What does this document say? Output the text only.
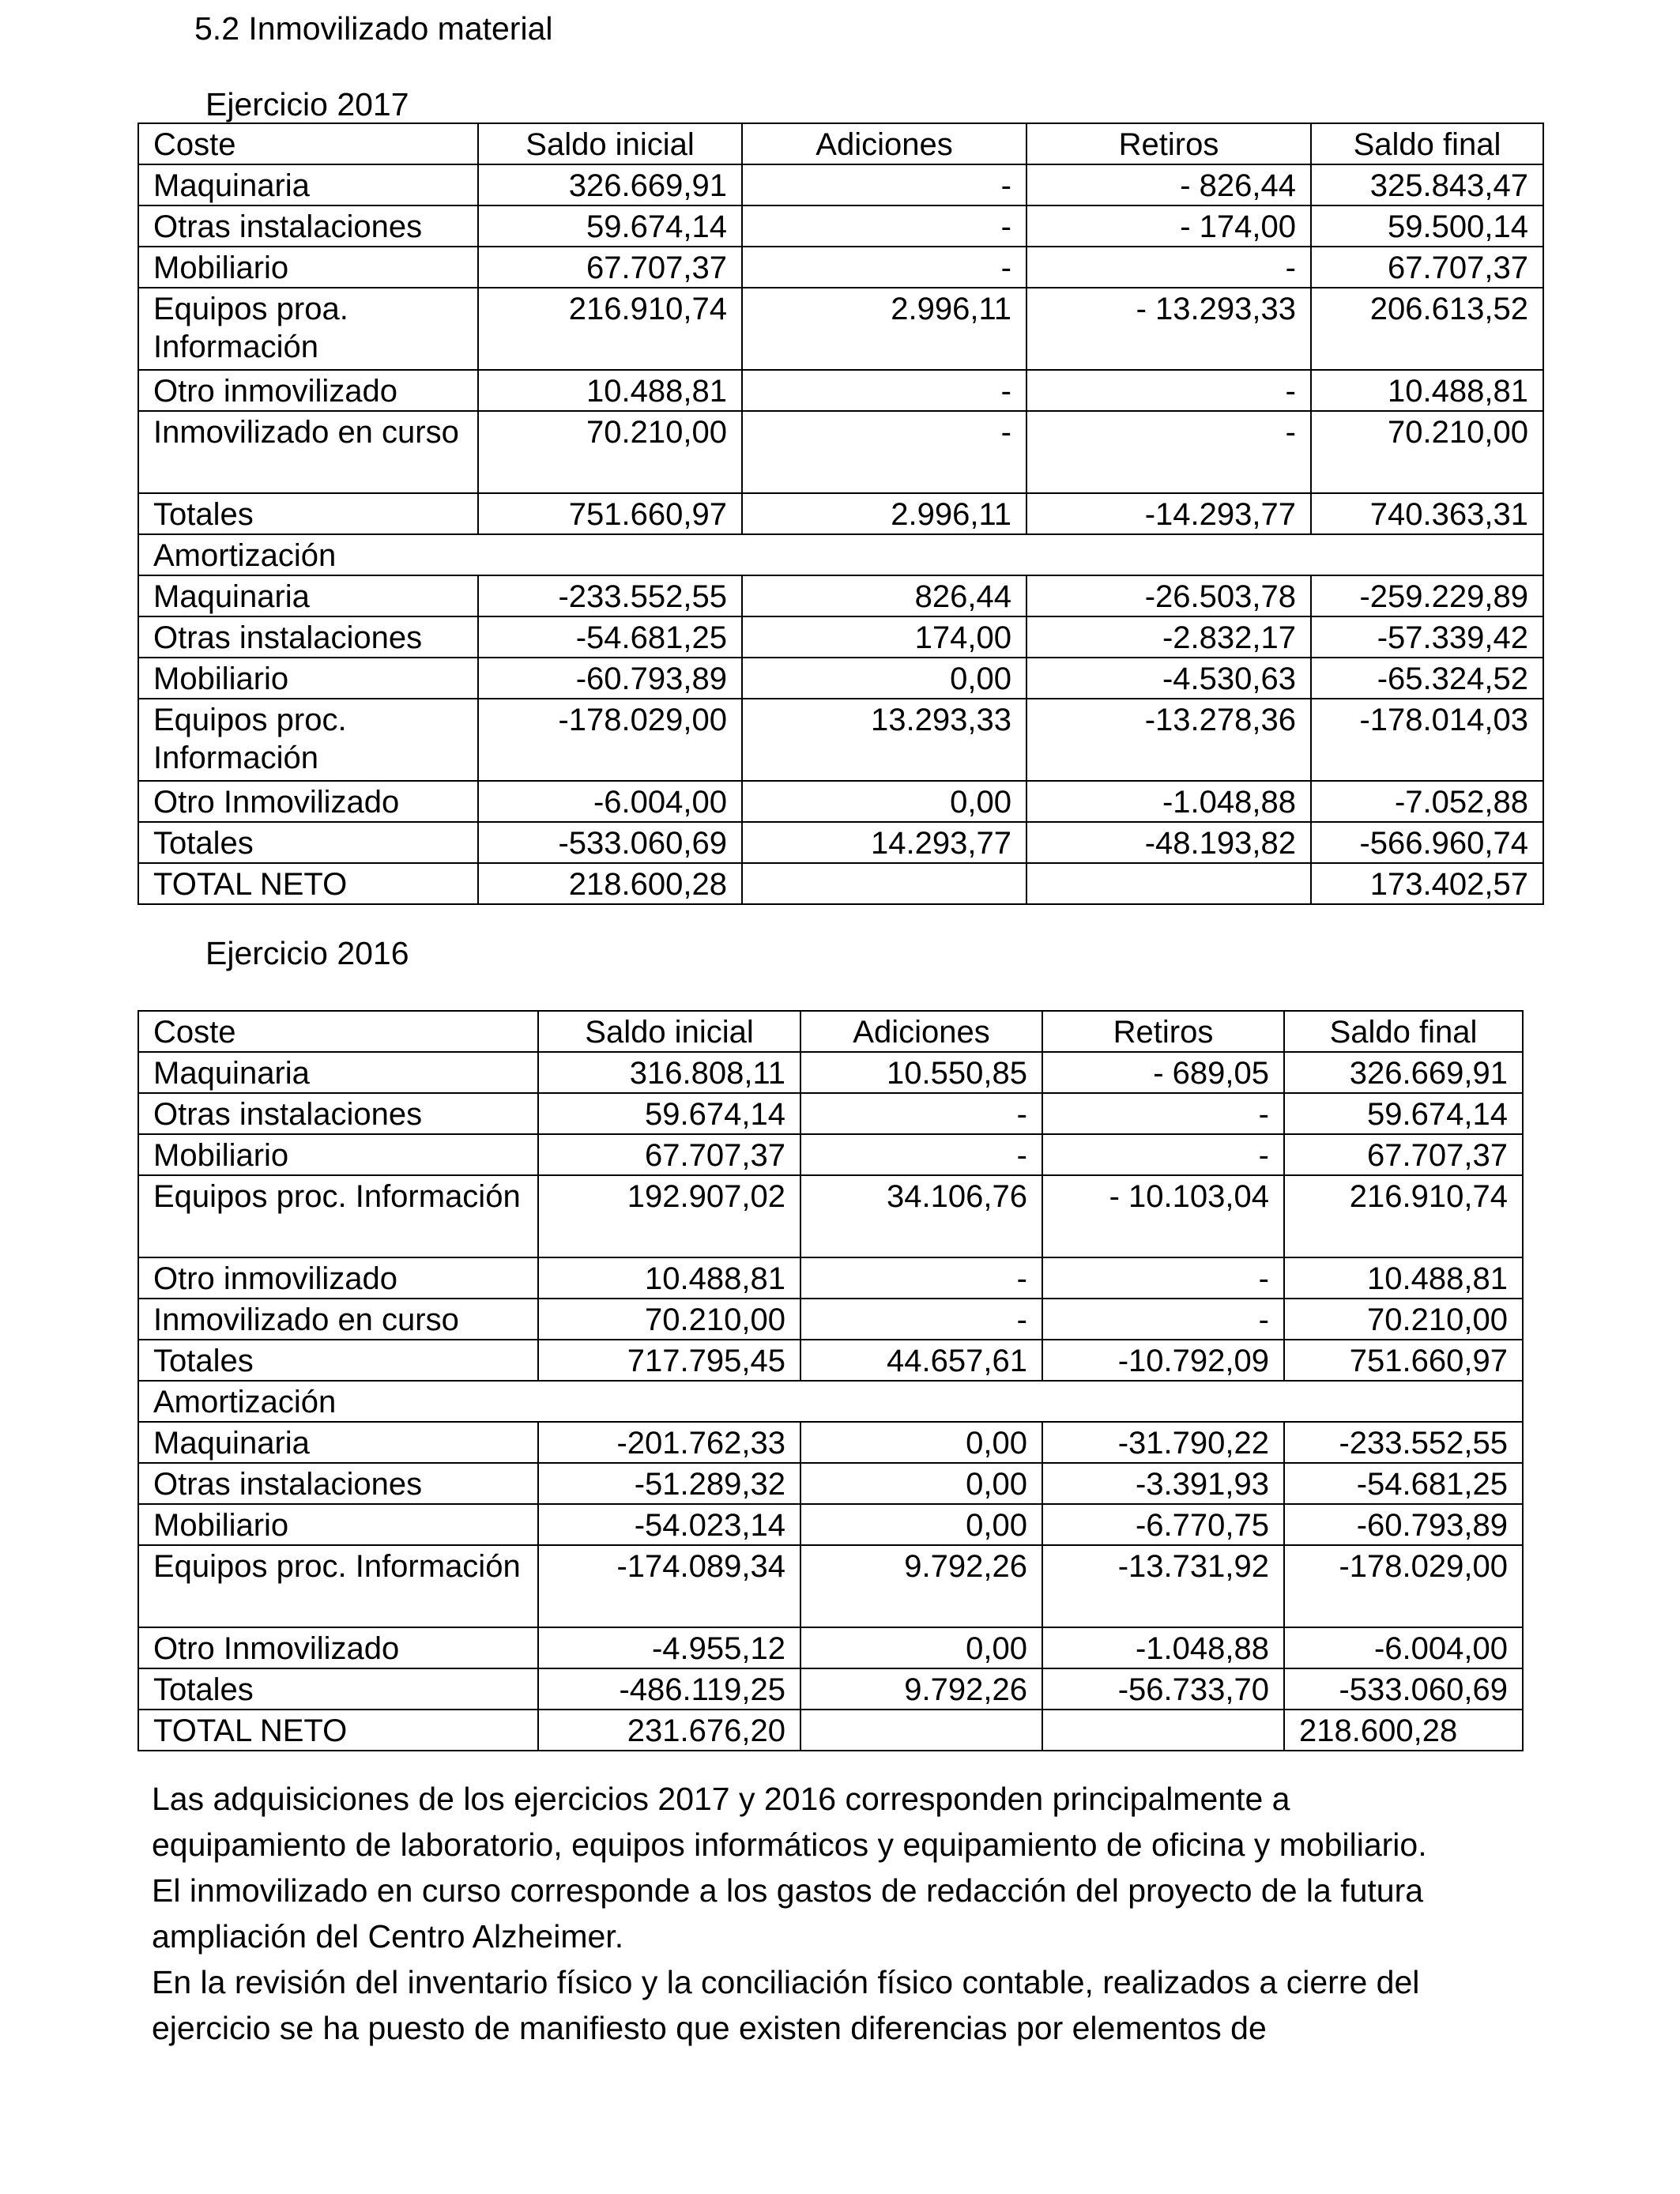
5.2 Inmovilizado material
Ejercicio 2017
Coste	Saldo inicial	Adiciones	Retiros	Saldo final
Maquinaria	326.669,91	-	- 826,44	325.843,47
Otras instalaciones	59.674,14	-	- 174,00	59.500,14
Mobiliario	67.707,37	-	-	67.707,37
Equipos proa. Información	216.910,74	2.996,11	- 13.293,33	206.613,52
Otro inmovilizado	10.488,81	-	-	10.488,81
Inmovilizado en curso	70.210,00	-	-	70.210,00
Totales	751.660,97	2.996,11	-14.293,77	740.363,31
Amortización				
Maquinaria	-233.552,55	826,44	-26.503,78	-259.229,89
Otras instalaciones	-54.681,25	174,00	-2.832,17	-57.339,42
Mobiliario	-60.793,89	0,00	-4.530,63	-65.324,52
Equipos proc. Información	-178.029,00	13.293,33	-13.278,36	-178.014,03
Otro Inmovilizado	-6.004,00	0,00	-1.048,88	-7.052,88
Totales	-533.060,69	14.293,77	-48.193,82	-566.960,74
TOTAL NETO	218.600,28			173.402,57
Ejercicio 2016
Coste	Saldo inicial	Adiciones	Retiros	Saldo final
Maquinaria	316.808,11	10.550,85	- 689,05	326.669,91
Otras instalaciones	59.674,14	-	-	59.674,14
Mobiliario	67.707,37	-	-	67.707,37
Equipos proc. Información	192.907,02	34.106,76	- 10.103,04	216.910,74
Otro inmovilizado	10.488,81	-	-	10.488,81
Inmovilizado en curso	70.210,00	-	-	70.210,00
Totales	717.795,45	44.657,61	-10.792,09	751.660,97
Amortización				
Maquinaria	-201.762,33	0,00	-31.790,22	-233.552,55
Otras instalaciones	-51.289,32	0,00	-3.391,93	-54.681,25
Mobiliario	-54.023,14	0,00	-6.770,75	-60.793,89
Equipos proc. Información	-174.089,34	9.792,26	-13.731,92	-178.029,00
Otro Inmovilizado	-4.955,12	0,00	-1.048,88	-6.004,00
Totales	-486.119,25	9.792,26	-56.733,70	-533.060,69
TOTAL NETO	231.676,20			218.600,28
Las adquisiciones de los ejercicios 2017 y 2016 corresponden principalmente a
equipamiento de laboratorio, equipos informáticos y equipamiento de oficina y mobiliario.
El inmovilizado en curso corresponde a los gastos de redacción del proyecto de la futura
ampliación del Centro Alzheimer.
En la revisión del inventario físico y la conciliación físico contable, realizados a cierre del
ejercicio se ha puesto de manifiesto que existen diferencias por elementos de
